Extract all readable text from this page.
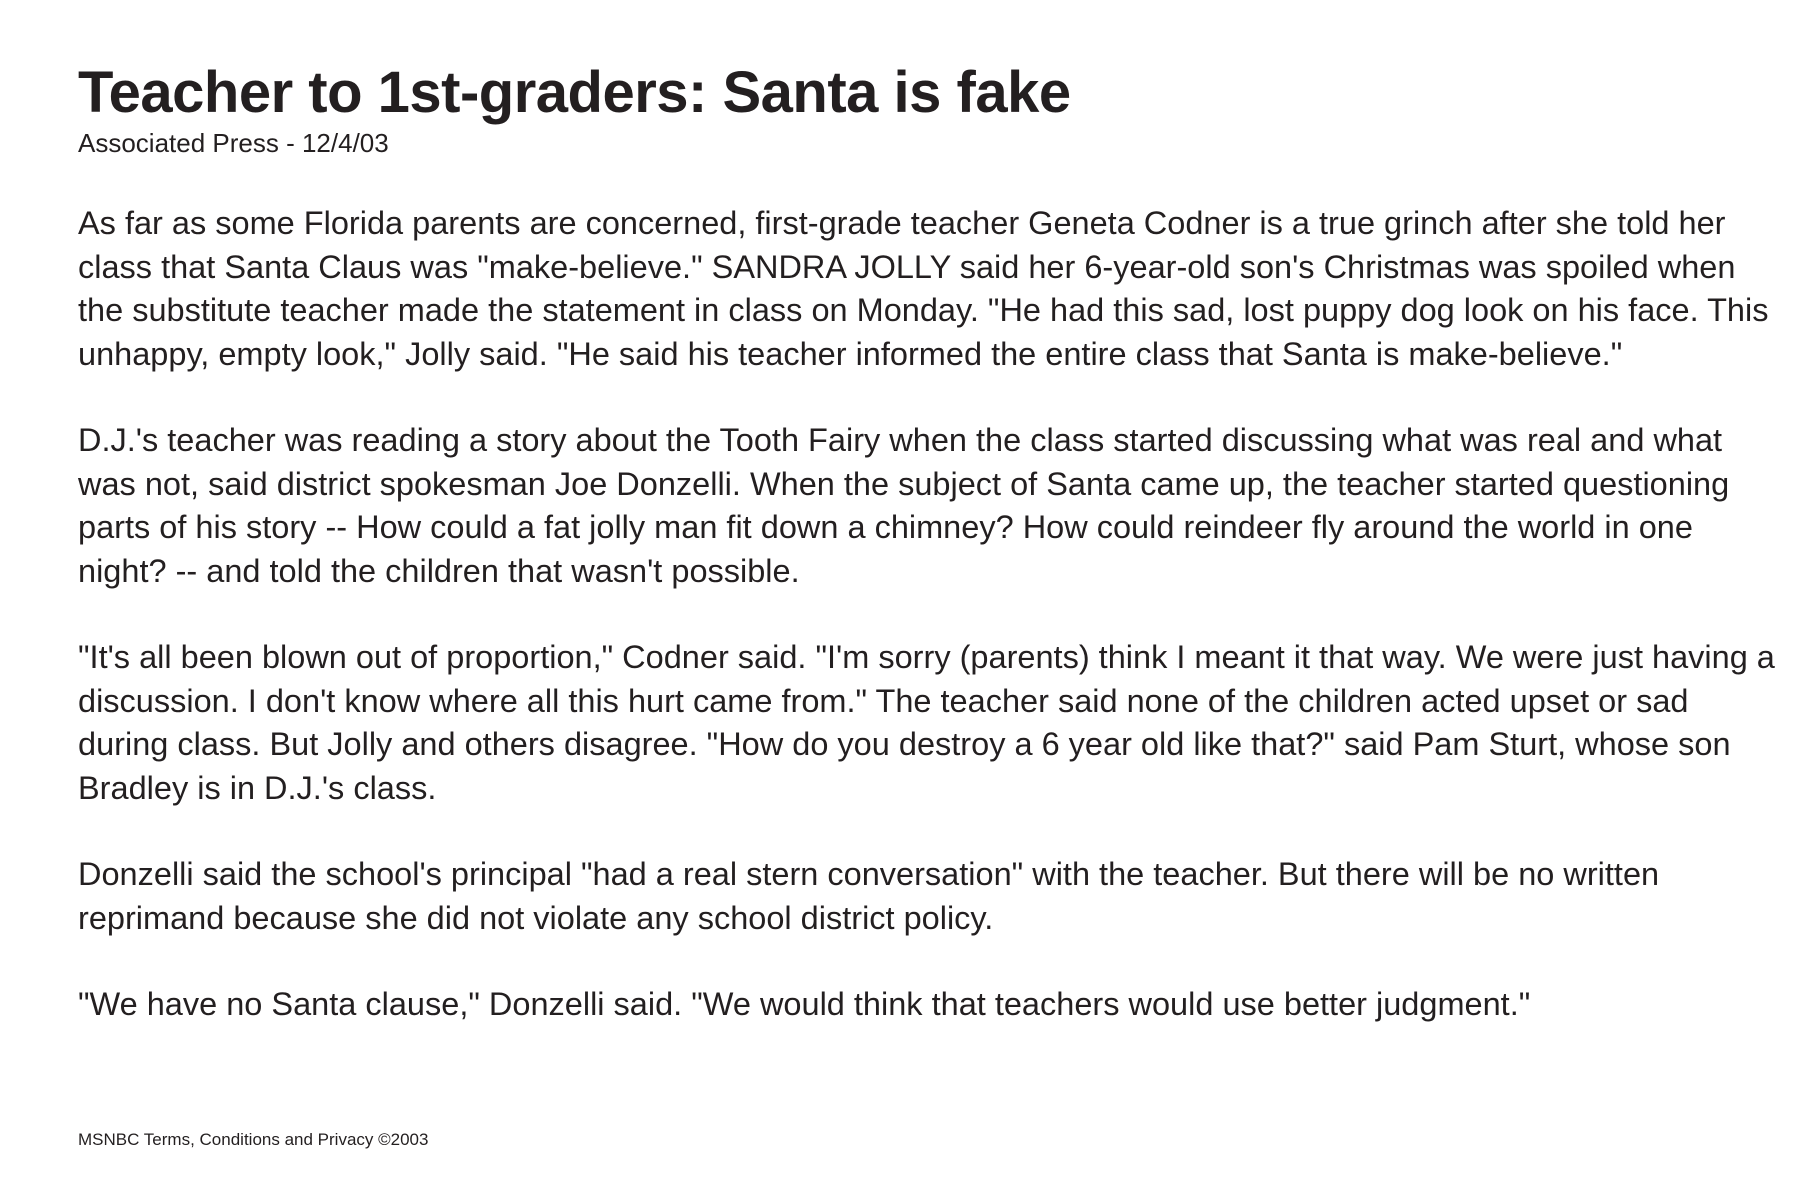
Teacher to 1st-graders: Santa is fake

Associated Press - 12/4/03

As far as some Florida parents are concerned, first-grade teacher Geneta Codner is a true grinch after she told her class that Santa Claus was "make-believe." SANDRA JOLLY said her 6-year-old son's Christmas was spoiled when the substitute teacher made the statement in class on Monday. "He had this sad, lost puppy dog look on his face. This unhappy, empty look," Jolly said. "He said his teacher informed the entire class that Santa is make-believe."

D.J.'s teacher was reading a story about the Tooth Fairy when the class started discussing what was real and what was not, said district spokesman Joe Donzelli. When the subject of Santa came up, the teacher started questioning parts of his story -- How could a fat jolly man fit down a chimney? How could reindeer fly around the world in one night? -- and told the children that wasn't possible.

"It's all been blown out of proportion," Codner said. "I'm sorry (parents) think I meant it that way. We were just having a discussion. I don't know where all this hurt came from." The teacher said none of the children acted upset or sad during class. But Jolly and others disagree. "How do you destroy a 6 year old like that?" said Pam Sturt, whose son Bradley is in D.J.'s class.

Donzelli said the school's principal "had a real stern conversation" with the teacher. But there will be no written reprimand because she did not violate any school district policy.

"We have no Santa clause," Donzelli said. "We would think that teachers would use better judgment."

MSNBC Terms, Conditions and Privacy ©2003
